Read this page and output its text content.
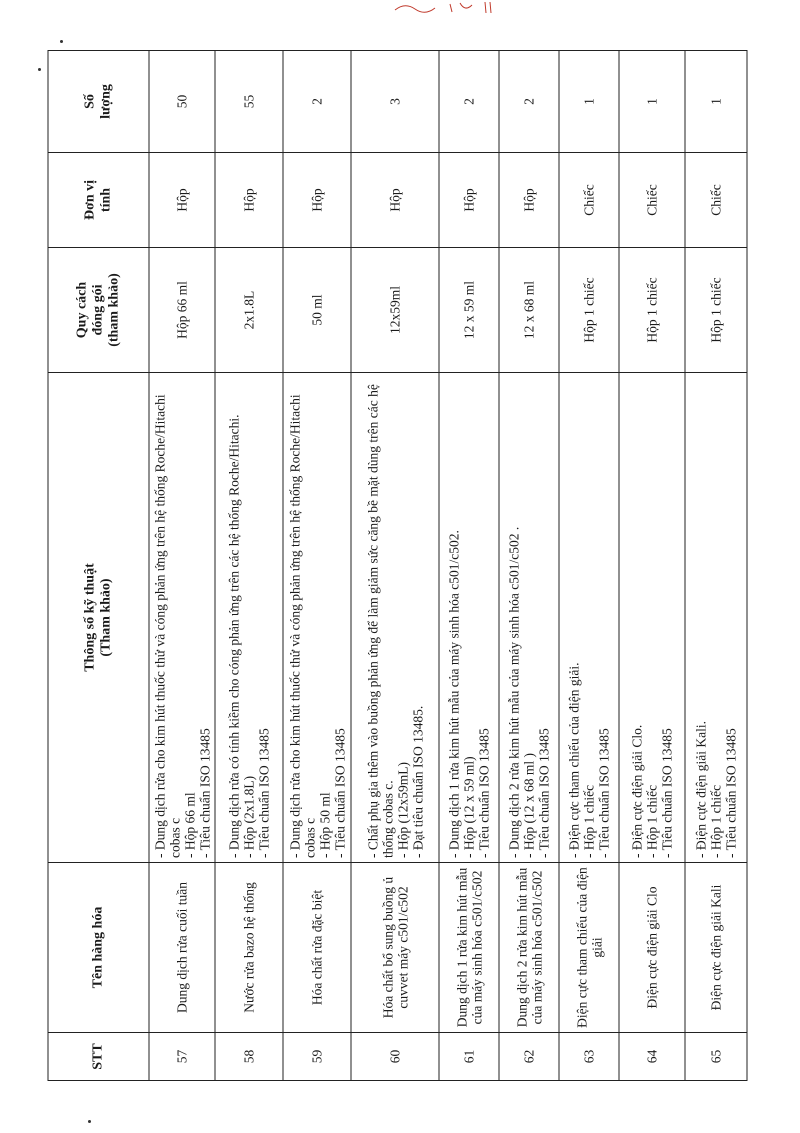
STT	Tên hàng hóa	Thông số kỹ thuật (Tham khảo)	Quy cách đóng gói (tham khảo)	Đơn vị tính	Số lượng

57	Dung dịch rửa cuối tuần	- Dung dịch rửa cho kim hút thuốc thử và cóng phản ứng trên hệ thống Roche/Hitachi cobas c - Hộp 66 ml - Tiêu chuẩn ISO 13485	Hộp 66 ml	Hộp	50
58	Nước rửa bazo hệ thống	- Dung dịch rửa có tính kiềm cho cóng phản ứng trên các hệ thống Roche/Hitachi. - Hộp (2x1.8L) - Tiêu chuẩn ISO 13485	2x1.8L	Hộp	55
59	Hóa chất rửa đặc biệt	- Dung dịch rửa cho kim hút thuốc thử và cóng phản ứng trên hệ thống Roche/Hitachi cobas c - Hộp 50 ml - Tiêu chuẩn ISO 13485	50 ml	Hộp	2
60	Hóa chất bổ sung buồng ủ cuvvet máy c501/c502	- Chất phụ gia thêm vào buồng phản ứng để làm giảm sức căng bề mặt dùng trên các hệ thống cobas c. - Hộp (12x59mL) - Đạt tiêu chuẩn ISO 13485.	12x59ml	Hộp	3
61	Dung dịch 1 rửa kim hút mẫu của máy sinh hóa c501/c502	- Dung dịch 1 rửa kim hút mẫu của máy sinh hóa c501/c502. - Hộp (12 x 59 ml) - Tiêu chuẩn ISO 13485	12 x 59 ml	Hộp	2
62	Dung dịch 2 rửa kim hút mẫu của máy sinh hóa c501/c502	- Dung dịch 2 rửa kim hút mẫu của máy sinh hóa c501/c502 . - Hộp (12 x 68 ml ) - Tiêu chuẩn ISO 13485	12 x 68 ml	Hộp	2
63	Điện cực tham chiếu của điện giải	- Điện cực tham chiếu của điện giải. - Hộp 1 chiếc - Tiêu chuẩn ISO 13485	Hộp 1 chiếc	Chiếc	1
64	Điện cực điện giải Clo	- Điện cực điện giải Clo. - Hộp 1 chiếc - Tiêu chuẩn ISO 13485	Hộp 1 chiếc	Chiếc	1
65	Điện cực điện giải Kali	- Điện cực điện giải Kali. - Hộp 1 chiếc - Tiêu chuẩn ISO 13485	Hộp 1 chiếc	Chiếc	1
